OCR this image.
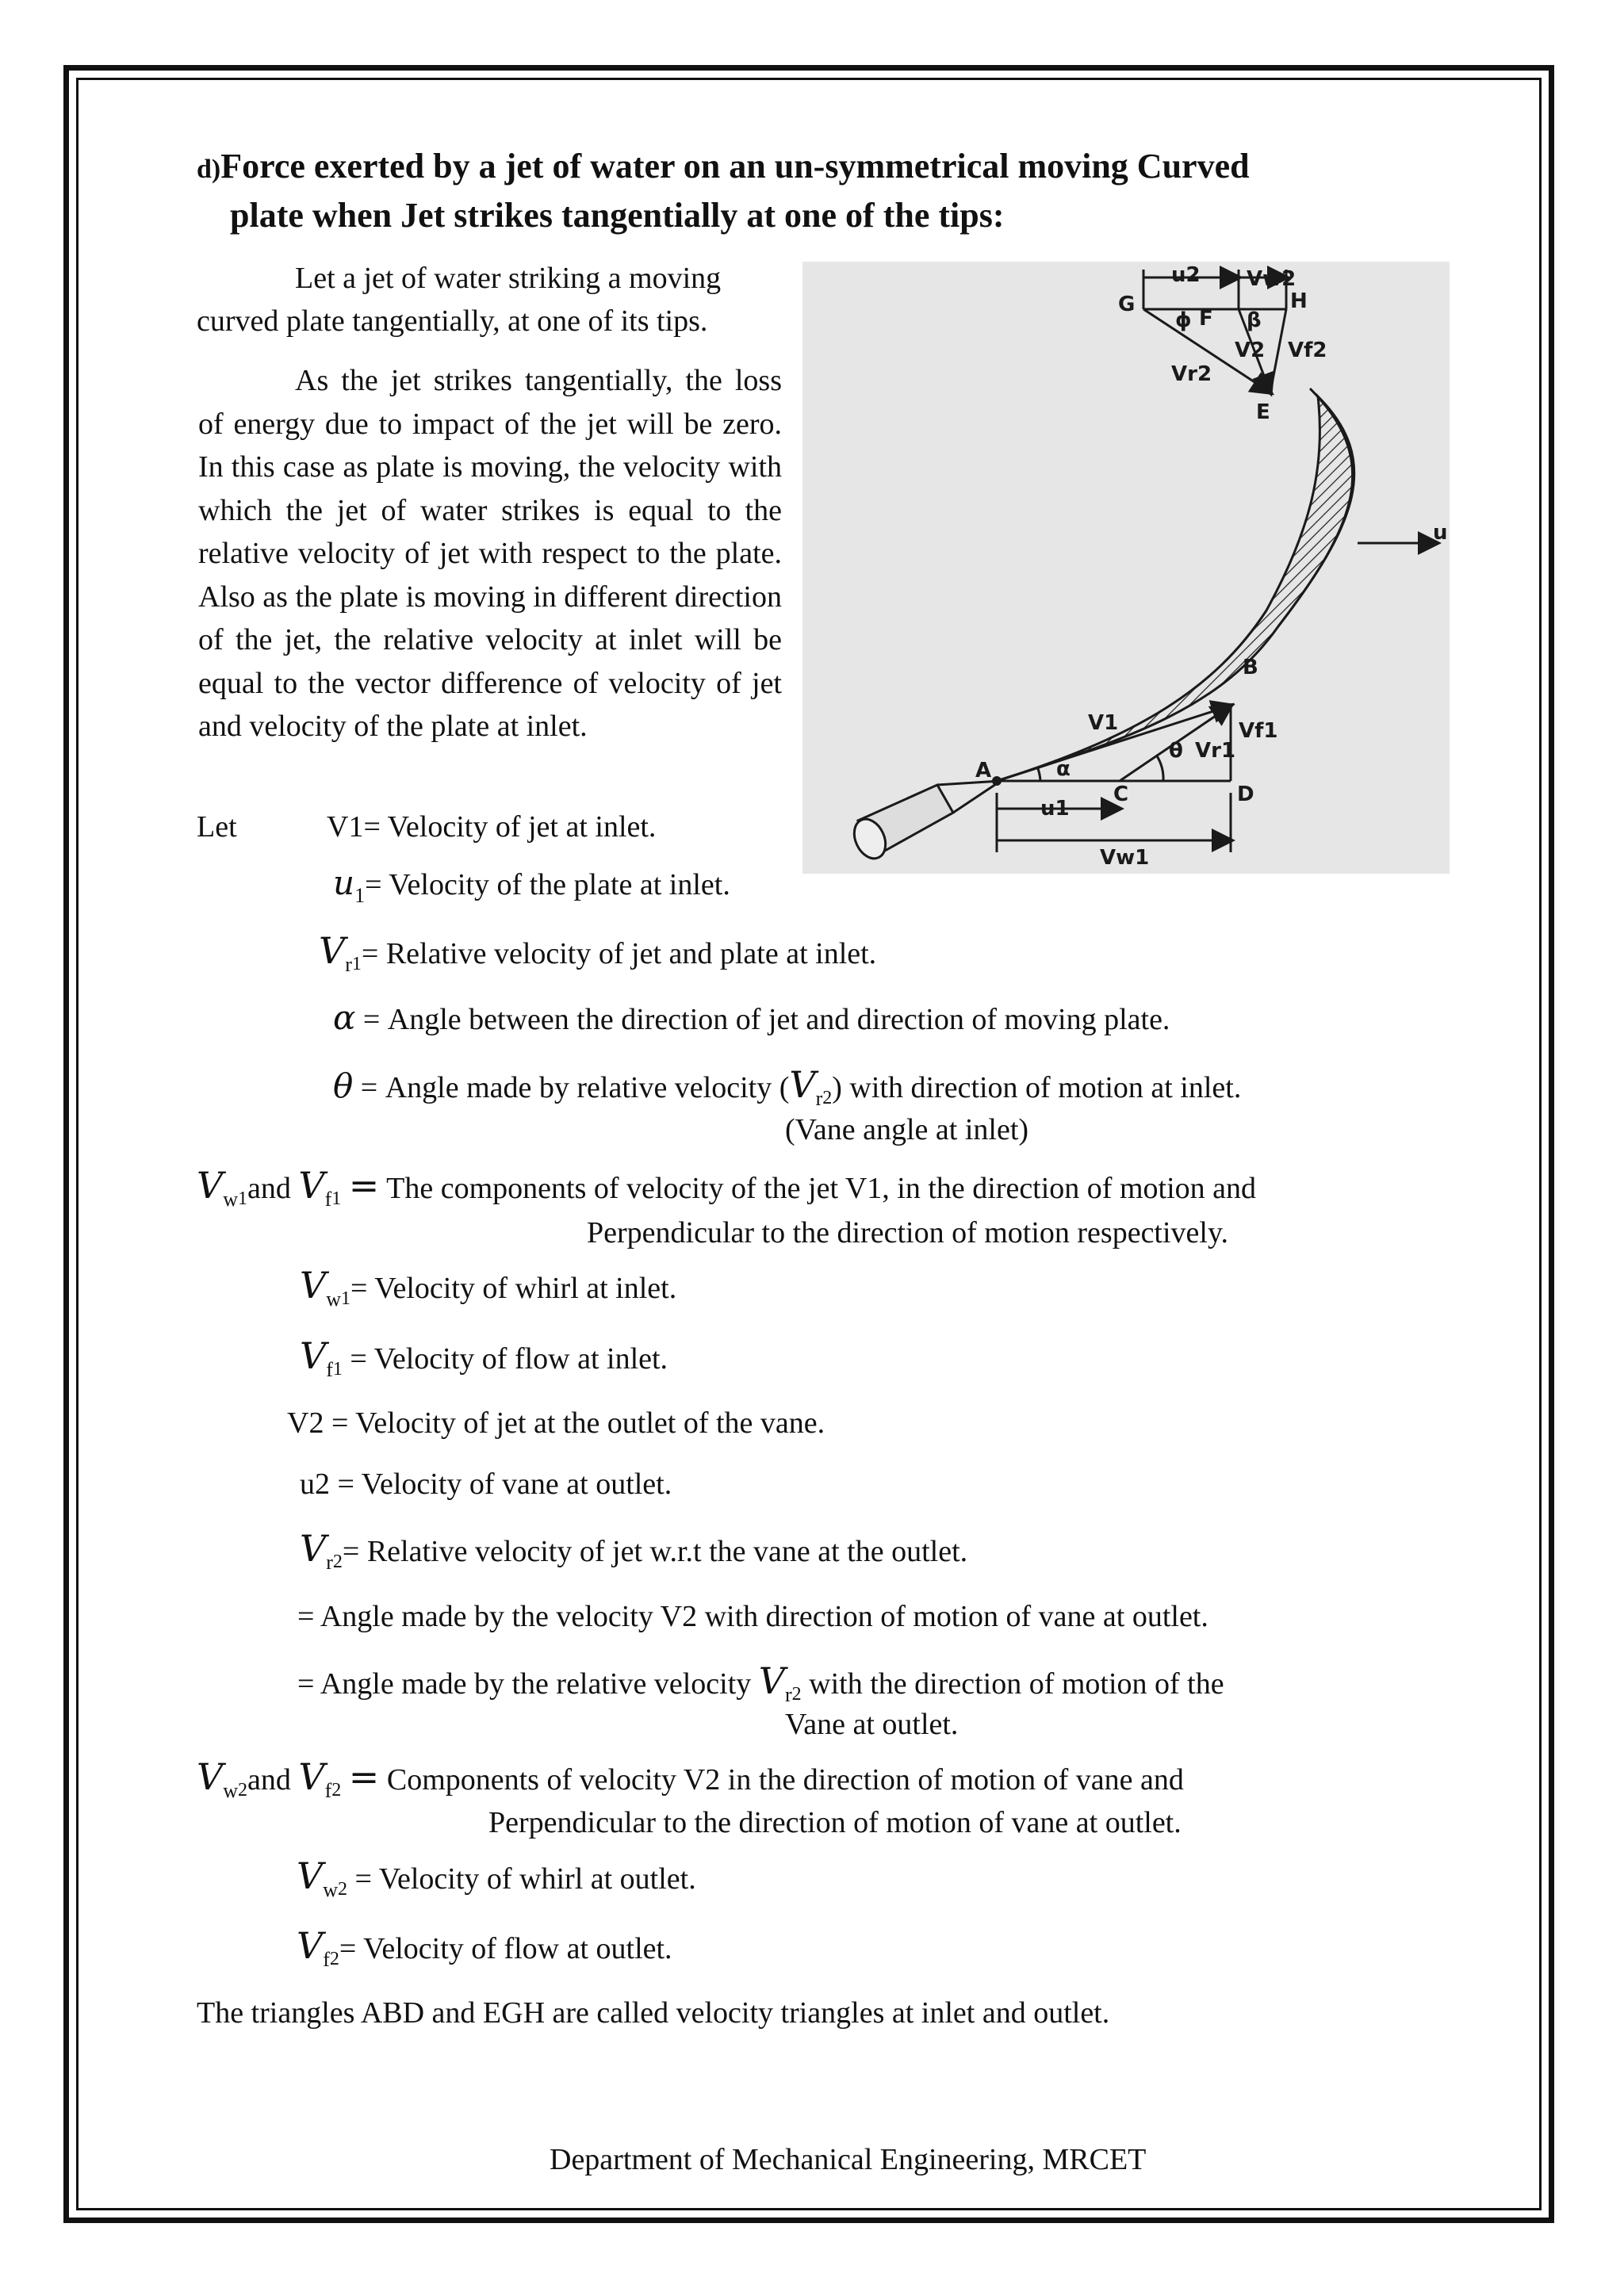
d)Force exerted by a jet of water on an un-symmetrical moving Curved
plate when Jet strikes tangentially at one of the tips:
Let a jet of water striking a moving
curved plate tangentially, at one of its tips.

As the jet strikes tangentially, the loss of energy due to impact of the jet will be zero. In this case as plate is moving, the velocity with which the jet of water strikes is equal to the relative velocity of jet with respect to the plate. Also as the plate is moving in different direction of the jet, the relative velocity at inlet will be equal to the vector difference of velocity of jet and velocity of the plate at inlet.

G
F
H
E
B
A
C	D
u
u1
u2
Vw1
Vw2
V1
V2
Vr1
Vr2
Vf1
Vf2
α
θ
ϕ	β
Let	V1= Velocity of jet at inlet.
$u_1=$ Velocity of the plate at inlet.
$V_{r1}=$ Relative velocity of jet and plate at inlet.
α = Angle between the direction of jet and direction of moving plate.
θ = Angle made by relative velocity $(V_{r2})$ with direction of motion at inlet.
(Vane angle at inlet)
$V_{w1}and$ $V_{f1}$ = The components of velocity of the jet V1, in the direction of motion and
Perpendicular to the direction of motion respectively.
$V_{w1}=$ Velocity of whirl at inlet.
$V_{f1}$ = Velocity of flow at inlet.
V2 = Velocity of jet at the outlet of the vane.
u2 = Velocity of vane at outlet.
$V_{r2}=$ Relative velocity of jet w.r.t the vane at the outlet.
= Angle made by the velocity V2 with direction of motion of vane at outlet.
= Angle made by the relative velocity $V_{r2}$ with the direction of motion of the
Vane at outlet.
$V_{w2}and$ $V_{f2}$ = Components of velocity V2 in the direction of motion of vane and
Perpendicular to the direction of motion of vane at outlet.
$V_{w2}$ = Velocity of whirl at outlet.
$V_{f2}=$ Velocity of flow at outlet.
The triangles ABD and EGH are called velocity triangles at inlet and outlet.
Department of Mechanical Engineering, MRCET
